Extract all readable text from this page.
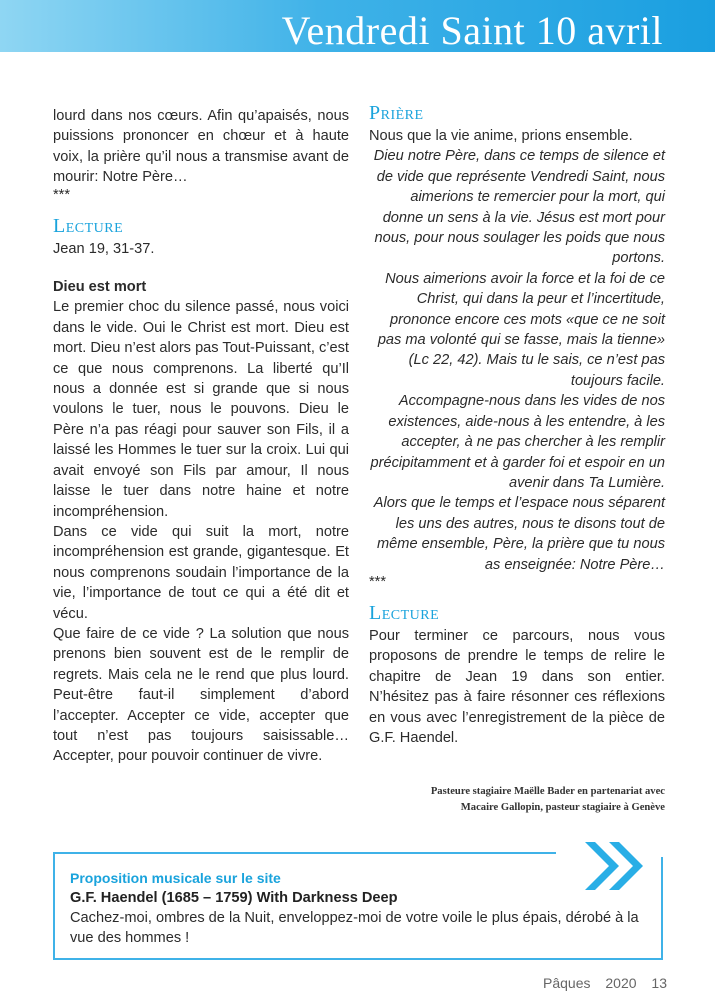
Vendredi Saint 10 avril

lourd dans nos cœurs. Afin qu’apaisés, nous puissions prononcer en chœur et à haute voix, la prière qu’il nous a transmise avant de mourir: Notre Père…

***
Lecture
Jean 19, 31-37.
Dieu est mort

Le premier choc du silence passé, nous voici dans le vide. Oui le Christ est mort. Dieu est mort. Dieu n’est alors pas Tout-Puissant, c’est ce que nous comprenons. La liberté qu’Il nous a donnée est si grande que si nous voulons le tuer, nous le pouvons. Dieu le Père n’a pas réagi pour sauver son Fils, il a laissé les Hommes le tuer sur la croix. Lui qui avait envoyé son Fils par amour, Il nous laisse le tuer dans notre haine et notre incompréhension.

Dans ce vide qui suit la mort, notre incompréhension est grande, gigantesque. Et nous comprenons soudain l’importance de la vie, l’importance de tout ce qui a été dit et vécu.

Que faire de ce vide ? La solution que nous prenons bien souvent est de le remplir de regrets. Mais cela ne le rend que plus lourd. Peut-être faut-il simplement d’abord l’accepter. Accepter ce vide, accepter que tout n’est pas toujours saisissable… Accepter, pour pouvoir continuer de vivre.

Prière
Nous que la vie anime, prions ensemble.

Dieu notre Père, dans ce temps de silence et de vide que représente Vendredi Saint, nous aimerions te remercier pour la mort, qui donne un sens à la vie. Jésus est mort pour nous, pour nous soulager les poids que nous portons.

Nous aimerions avoir la force et la foi de ce Christ, qui dans la peur et l’incertitude, prononce encore ces mots «que ce ne soit pas ma volonté qui se fasse, mais la tienne» (Lc 22, 42). Mais tu le sais, ce n’est pas toujours facile.

Accompagne-nous dans les vides de nos existences, aide-nous à les entendre, à les accepter, à ne pas chercher à les remplir précipitamment et à garder foi et espoir en un avenir dans Ta Lumière.

Alors que le temps et l’espace nous séparent les uns des autres, nous te disons tout de même ensemble, Père, la prière que tu nous as enseignée: Notre Père…

***
Lecture

Pour terminer ce parcours, nous vous proposons de prendre le temps de relire le chapitre de Jean 19 dans son entier. N’hésitez pas à faire résonner ces réflexions en vous avec l’enregistrement de la pièce de G.F. Haendel.

Pasteure stagiaire Maëlle Bader en partenariat avec
Macaire Gallopin, pasteur stagiaire à Genève
Proposition musicale sur le site
G.F. Haendel (1685 – 1759) With Darkness Deep
Cachez-moi, ombres de la Nuit, enveloppez-moi de votre voile le plus épais, dérobé à la vue des hommes !
Pâques 2020 13
